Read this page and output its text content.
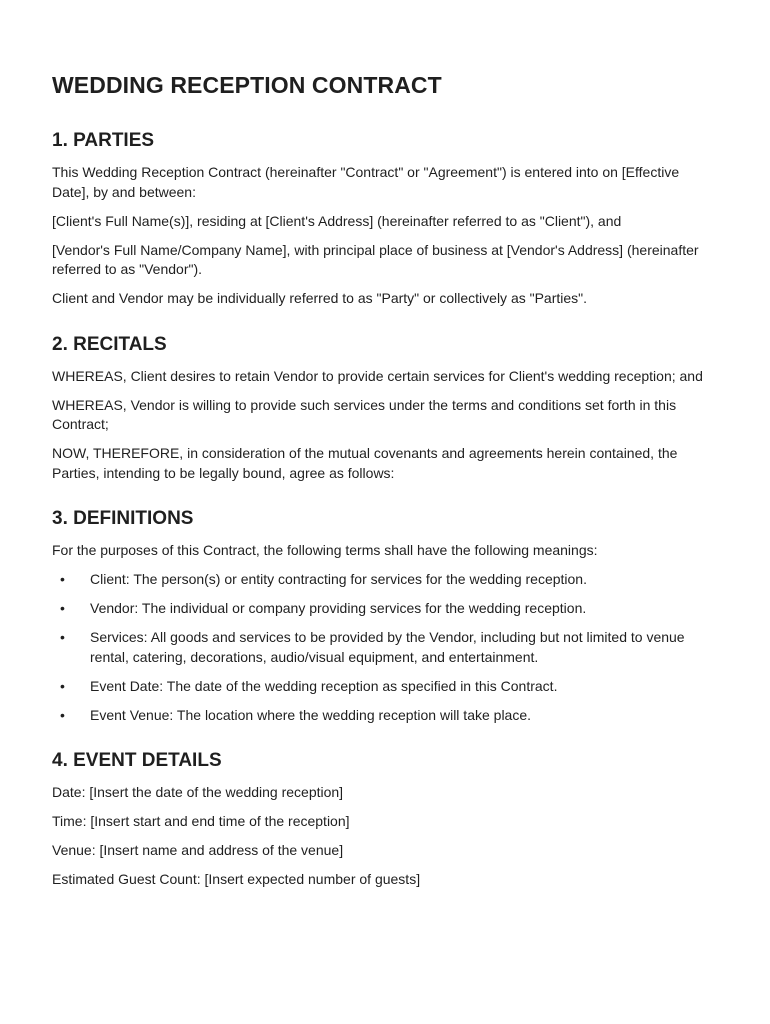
WEDDING RECEPTION CONTRACT
1. PARTIES

This Wedding Reception Contract (hereinafter "Contract" or "Agreement") is entered into on [Effective Date], by and between:

[Client's Full Name(s)], residing at [Client's Address] (hereinafter referred to as "Client"), and

[Vendor's Full Name/Company Name], with principal place of business at [Vendor's Address] (hereinafter referred to as "Vendor").

Client and Vendor may be individually referred to as "Party" or collectively as "Parties".

2. RECITALS

WHEREAS, Client desires to retain Vendor to provide certain services for Client's wedding reception; and

WHEREAS, Vendor is willing to provide such services under the terms and conditions set forth in this Contract;

NOW, THEREFORE, in consideration of the mutual covenants and agreements herein contained, the Parties, intending to be legally bound, agree as follows:

3. DEFINITIONS

For the purposes of this Contract, the following terms shall have the following meanings:

• Client: The person(s) or entity contracting for services for the wedding reception.
• Vendor: The individual or company providing services for the wedding reception.
• Services: All goods and services to be provided by the Vendor, including but not limited to venue rental, catering, decorations, audio/visual equipment, and entertainment.
• Event Date: The date of the wedding reception as specified in this Contract.
• Event Venue: The location where the wedding reception will take place.
4. EVENT DETAILS

Date: [Insert the date of the wedding reception]

Time: [Insert start and end time of the reception]

Venue: [Insert name and address of the venue]

Estimated Guest Count: [Insert expected number of guests]
